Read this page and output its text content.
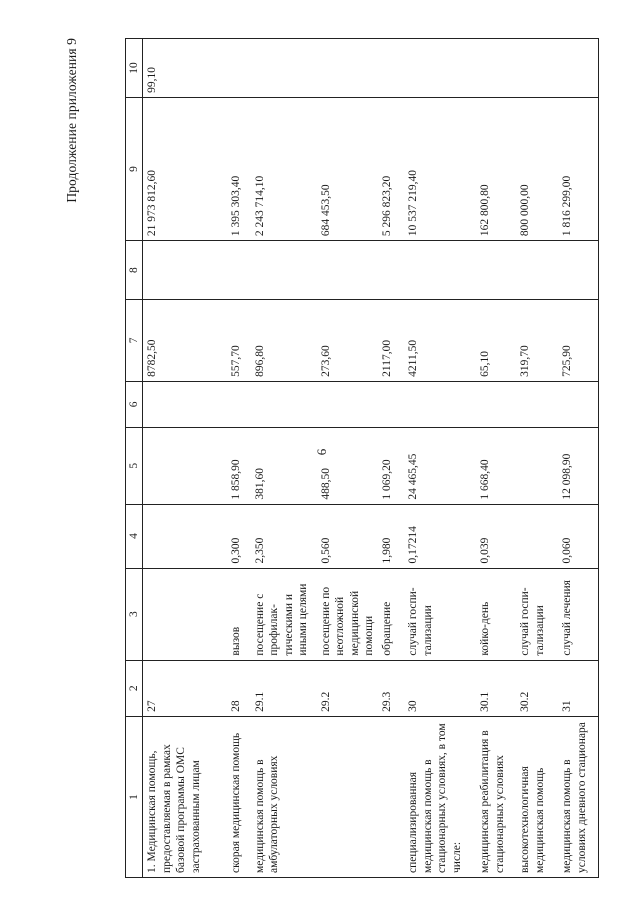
6
Продолжение приложения 9
1	2	3	4	5	6	7	8	9	10
1. Медицинская помощь, предоставляемая в рамках базовой программы ОМС застрахованным лицам	27					8782,50		21 973 812,60	99,10
скорая медицинская помощь	28	вызов	0,300	1 858,90		557,70		1 395 303,40	
медицинская помощь в амбулаторных условиях	29.1	посещение с профилак-тическими и иными целями	2,350	381,60		896,80		2 243 714,10	
	29.2	посещение по неотложной медицинской помощи	0,560	488,50		273,60		684 453,50	
	29.3	обращение	1,980	1 069,20		2117,00		5 296 823,20	
специализированная медицинская помощь в стационарных условиях, в том числе:	30	случай госпи-тализации	0,17214	24 465,45		4211,50		10 537 219,40	
медицинская реабилитация в стационарных условиях	30.1	койко-день	0,039	1 668,40		65,10		162 800,80	
высокотехнологичная медицинская помощь	30.2	случай госпи-тализации				319,70		800 000,00	
медицинская помощь в условиях дневного стационара	31	случай лечения	0,060	12 098,90		725,90		1 816 299,00	
